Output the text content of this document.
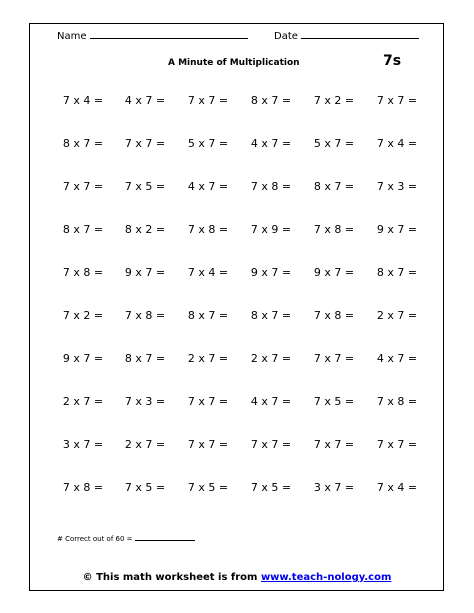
Name	Date
A Minute of Multiplication	7s
7 x 4 =	4 x 7 =	7 x 7 =	8 x 7 =	7 x 2 =	7 x 7 =
8 x 7 =	7 x 7 =	5 x 7 =	4 x 7 =	5 x 7 =	7 x 4 =
7 x 7 =	7 x 5 =	4 x 7 =	7 x 8 =	8 x 7 =	7 x 3 =
8 x 7 =	8 x 2 =	7 x 8 =	7 x 9 =	7 x 8 =	9 x 7 =
7 x 8 =	9 x 7 =	7 x 4 =	9 x 7 =	9 x 7 =	8 x 7 =
7 x 2 =	7 x 8 =	8 x 7 =	8 x 7 =	7 x 8 =	2 x 7 =
9 x 7 =	8 x 7 =	2 x 7 =	2 x 7 =	7 x 7 =	4 x 7 =
2 x 7 =	7 x 3 =	7 x 7 =	4 x 7 =	7 x 5 =	7 x 8 =
3 x 7 =	2 x 7 =	7 x 7 =	7 x 7 =	7 x 7 =	7 x 7 =
7 x 8 =	7 x 5 =	7 x 5 =	7 x 5 =	3 x 7 =	7 x 4 =
# Correct out of 60 =
© This math worksheet is from www.teach-nology.com
